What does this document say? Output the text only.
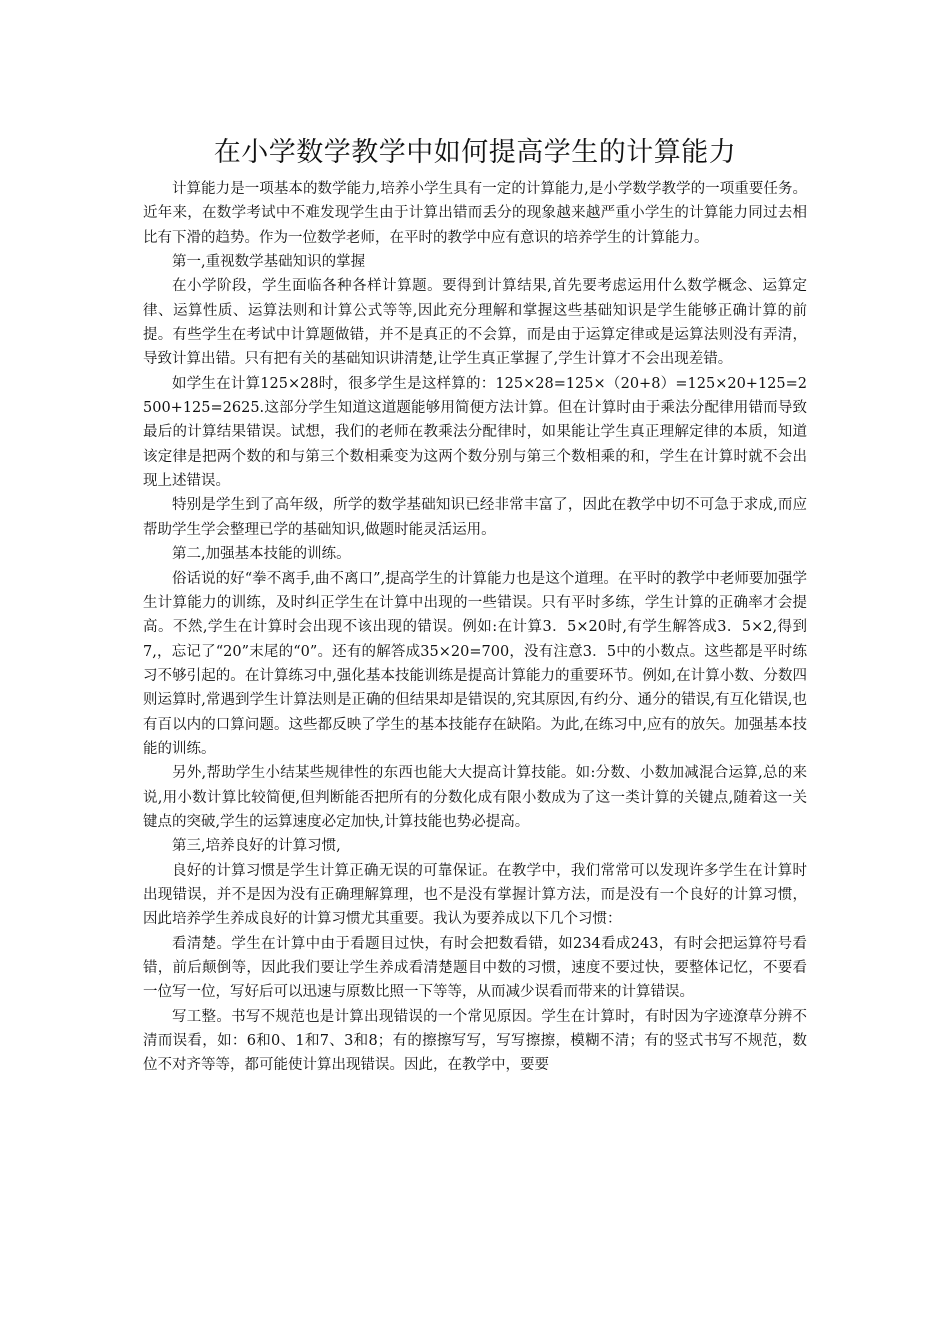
在小学数学教学中如何提高学生的计算能力

计算能力是一项基本的数学能力,培养小学生具有一定的计算能力,是小学数学教学的一项重要任务。近年来，在数学考试中不难发现学生由于计算出错而丢分的现象越来越严重小学生的计算能力同过去相比有下滑的趋势。作为一位数学老师，在平时的教学中应有意识的培养学生的计算能力。

第一,重视数学基础知识的掌握

在小学阶段，学生面临各种各样计算题。要得到计算结果,首先要考虑运用什么数学概念、运算定律、运算性质、运算法则和计算公式等等,因此充分理解和掌握这些基础知识是学生能够正确计算的前提。有些学生在考试中计算题做错，并不是真正的不会算，而是由于运算定律或是运算法则没有弄清，导致计算出错。只有把有关的基础知识讲清楚,让学生真正掌握了,学生计算才不会出现差错。

如学生在计算125×28时，很多学生是这样算的：125×28=125×（20+8）=125×20+125=2500+125=2625.这部分学生知道这道题能够用简便方法计算。但在计算时由于乘法分配律用错而导致最后的计算结果错误。试想，我们的老师在教乘法分配律时，如果能让学生真正理解定律的本质，知道该定律是把两个数的和与第三个数相乘变为这两个数分别与第三个数相乘的和，学生在计算时就不会出现上述错误。

特别是学生到了高年级，所学的数学基础知识已经非常丰富了，因此在教学中切不可急于求成,而应帮助学生学会整理已学的基础知识,做题时能灵活运用。

第二,加强基本技能的训练。

俗话说的好“拳不离手,曲不离口”,提高学生的计算能力也是这个道理。在平时的教学中老师要加强学生计算能力的训练，及时纠正学生在计算中出现的一些错误。只有平时多练，学生计算的正确率才会提高。不然,学生在计算时会出现不该出现的错误。例如:在计算3．5×20时,有学生解答成3．5×2,得到7,，忘记了“20”末尾的“0”。还有的解答成35×20=700，没有注意3．5中的小数点。这些都是平时练习不够引起的。在计算练习中,强化基本技能训练是提高计算能力的重要环节。例如,在计算小数、分数四则运算时,常遇到学生计算法则是正确的但结果却是错误的,究其原因,有约分、通分的错误,有互化错误,也有百以内的口算问题。这些都反映了学生的基本技能存在缺陷。为此,在练习中,应有的放矢。加强基本技能的训练。

另外,帮助学生小结某些规律性的东西也能大大提高计算技能。如:分数、小数加减混合运算,总的来说,用小数计算比较简便,但判断能否把所有的分数化成有限小数成为了这一类计算的关键点,随着这一关键点的突破,学生的运算速度必定加快,计算技能也势必提高。

第三,培养良好的计算习惯,

良好的计算习惯是学生计算正确无误的可靠保证。在教学中，我们常常可以发现许多学生在计算时出现错误，并不是因为没有正确理解算理，也不是没有掌握计算方法，而是没有一个良好的计算习惯，因此培养学生养成良好的计算习惯尤其重要。我认为要养成以下几个习惯：

看清楚。学生在计算中由于看题目过快，有时会把数看错，如234看成243，有时会把运算符号看错，前后颠倒等，因此我们要让学生养成看清楚题目中数的习惯，速度不要过快，要整体记忆，不要看一位写一位，写好后可以迅速与原数比照一下等等，从而减少误看而带来的计算错误。

写工整。书写不规范也是计算出现错误的一个常见原因。学生在计算时，有时因为字迹潦草分辨不清而误看，如：6和0、1和7、3和8；有的擦擦写写，写写擦擦，模糊不清；有的竖式书写不规范，数位不对齐等等，都可能使计算出现错误。因此，在教学中，要要
